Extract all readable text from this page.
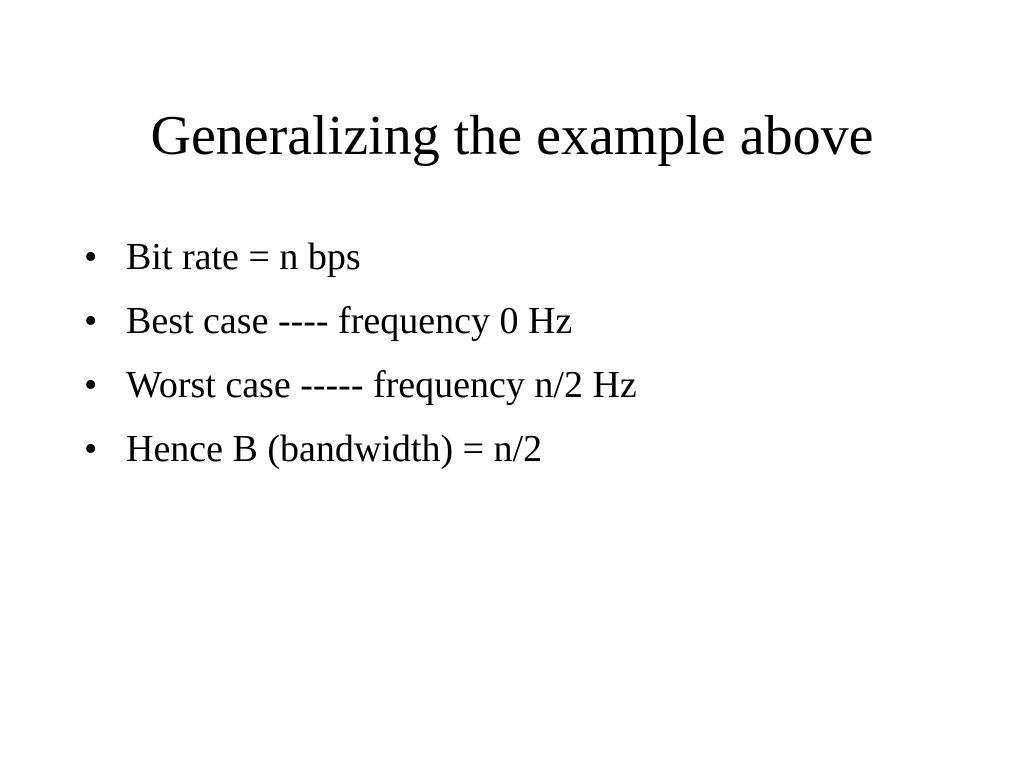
Generalizing the example above
• Bit rate = n bps
• Best case ---- frequency 0 Hz
• Worst case ----- frequency n/2 Hz
• Hence B (bandwidth) = n/2
